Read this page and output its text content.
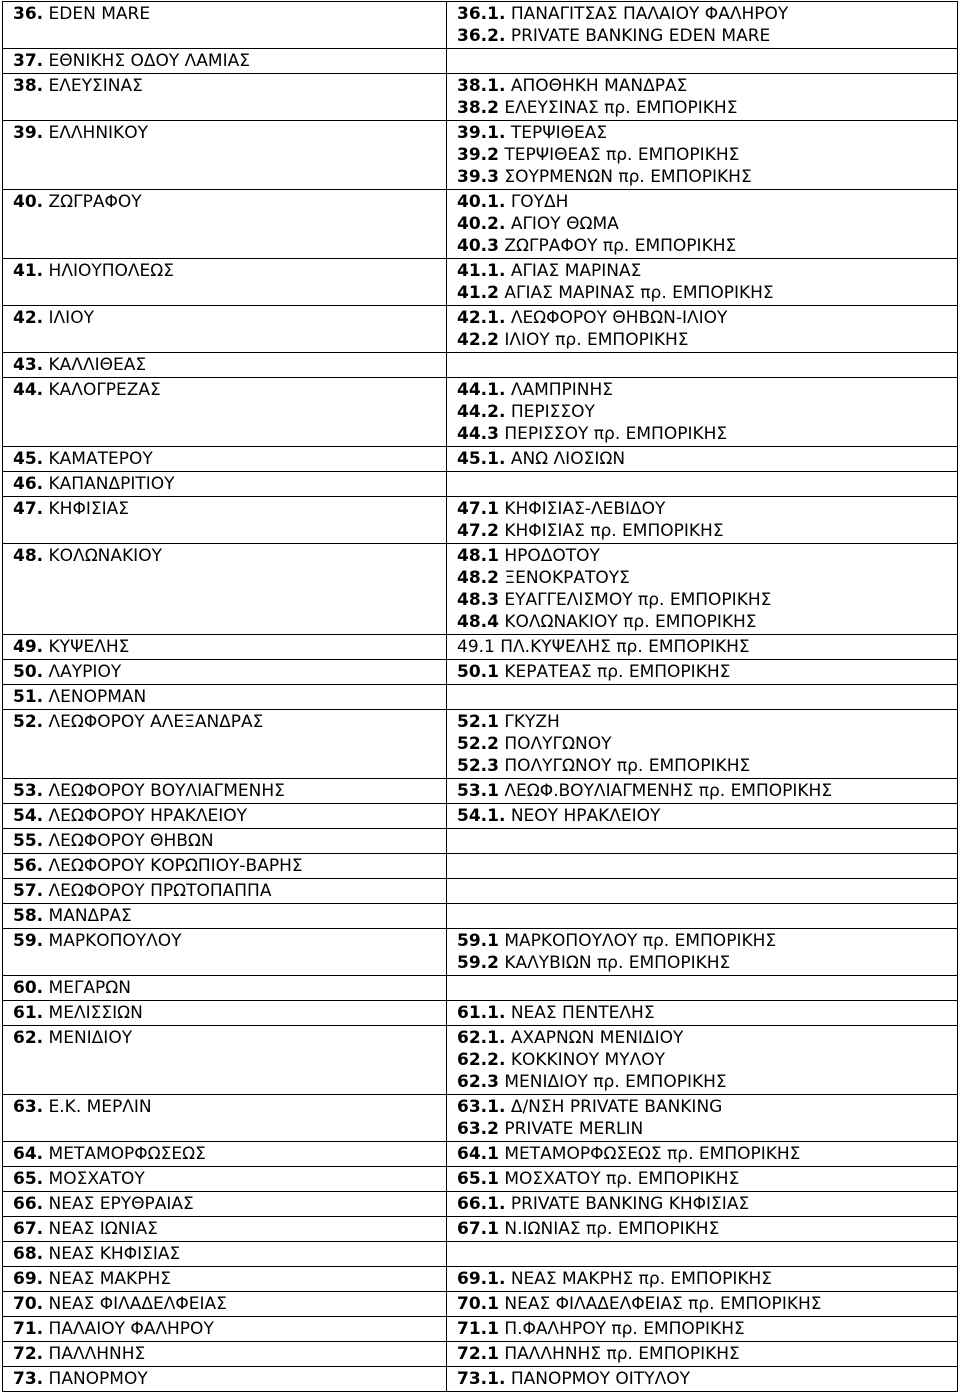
36. EDEN MARE	36.1. ΠΑΝΑΓΙΤΣΑΣ ΠΑΛΑΙΟΥ ΦΑΛΗΡΟΥ
36.2. PRIVATE BANKING EDEN MARE

37. ΕΘΝΙΚΗΣ ΟΔΟΥ ΛΑΜΙΑΣ	
38. ΕΛΕΥΣΙΝΑΣ	38.1. ΑΠΟΘΗΚΗ ΜΑΝΔΡΑΣ
38.2 ΕΛΕΥΣΙΝΑΣ πρ. ΕΜΠΟΡΙΚΗΣ

39. ΕΛΛΗΝΙΚΟΥ	39.1. ΤΕΡΨΙΘΕΑΣ
39.2 ΤΕΡΨΙΘΕΑΣ πρ. ΕΜΠΟΡΙΚΗΣ
39.3 ΣΟΥΡΜΕΝΩΝ πρ. ΕΜΠΟΡΙΚΗΣ

40. ΖΩΓΡΑΦΟΥ	40.1. ΓΟΥΔΗ
40.2. ΑΓΙΟΥ ΘΩΜΑ
40.3 ΖΩΓΡΑΦΟΥ πρ. ΕΜΠΟΡΙΚΗΣ

41. ΗΛΙΟΥΠΟΛΕΩΣ	41.1. ΑΓΙΑΣ ΜΑΡΙΝΑΣ
41.2 ΑΓΙΑΣ ΜΑΡΙΝΑΣ πρ. ΕΜΠΟΡΙΚΗΣ

42. ΙΛΙΟΥ	42.1. ΛΕΩΦΟΡΟΥ ΘΗΒΩΝ-ΙΛΙΟΥ
42.2 ΙΛΙΟΥ πρ. ΕΜΠΟΡΙΚΗΣ

43. ΚΑΛΛΙΘΕΑΣ	
44. ΚΑΛΟΓΡΕΖΑΣ	44.1. ΛΑΜΠΡΙΝΗΣ
44.2. ΠΕΡΙΣΣΟΥ
44.3 ΠΕΡΙΣΣΟΥ πρ. ΕΜΠΟΡΙΚΗΣ

45. ΚΑΜΑΤΕΡΟΥ	45.1. ΑΝΩ ΛΙΟΣΙΩΝ

46. ΚΑΠΑΝΔΡΙΤΙΟΥ	
47. ΚΗΦΙΣΙΑΣ	47.1 ΚΗΦΙΣΙΑΣ-ΛΕΒΙΔΟΥ
47.2 ΚΗΦΙΣΙΑΣ πρ. ΕΜΠΟΡΙΚΗΣ

48. ΚΟΛΩΝΑΚΙΟΥ	48.1 ΗΡΟΔΟΤΟΥ
48.2 ΞΕΝΟΚΡΑΤΟΥΣ
48.3 ΕΥΑΓΓΕΛΙΣΜΟΥ πρ. ΕΜΠΟΡΙΚΗΣ
48.4 ΚΟΛΩΝΑΚΙΟΥ πρ. ΕΜΠΟΡΙΚΗΣ

49. ΚΥΨΕΛΗΣ	49.1 ΠΛ.ΚΥΨΕΛΗΣ πρ. ΕΜΠΟΡΙΚΗΣ

50. ΛΑΥΡΙΟΥ	50.1 ΚΕΡΑΤΕΑΣ πρ. ΕΜΠΟΡΙΚΗΣ

51. ΛΕΝΟΡΜΑΝ	
52. ΛΕΩΦΟΡΟΥ ΑΛΕΞΑΝΔΡΑΣ	52.1 ΓΚΥΖΗ
52.2 ΠΟΛΥΓΩΝΟΥ
52.3 ΠΟΛΥΓΩΝΟΥ πρ. ΕΜΠΟΡΙΚΗΣ

53. ΛΕΩΦΟΡΟΥ ΒΟΥΛΙΑΓΜΕΝΗΣ	53.1 ΛΕΩΦ.ΒΟΥΛΙΑΓΜΕΝΗΣ πρ. ΕΜΠΟΡΙΚΗΣ

54. ΛΕΩΦΟΡΟΥ ΗΡΑΚΛΕΙΟΥ	54.1. ΝΕΟΥ ΗΡΑΚΛΕΙΟΥ

55. ΛΕΩΦΟΡΟΥ ΘΗΒΩΝ	
56. ΛΕΩΦΟΡΟΥ ΚΟΡΩΠΙΟΥ-ΒΑΡΗΣ	
57. ΛΕΩΦΟΡΟΥ ΠΡΩΤΟΠΑΠΠΑ	
58. ΜΑΝΔΡΑΣ	
59. ΜΑΡΚΟΠΟΥΛΟΥ	59.1 ΜΑΡΚΟΠΟΥΛΟΥ πρ. ΕΜΠΟΡΙΚΗΣ
59.2 ΚΑΛΥΒΙΩΝ πρ. ΕΜΠΟΡΙΚΗΣ

60. ΜΕΓΑΡΩΝ	
61. ΜΕΛΙΣΣΙΩΝ	61.1. ΝΕΑΣ ΠΕΝΤΕΛΗΣ

62. ΜΕΝΙΔΙΟΥ	62.1. ΑΧΑΡΝΩΝ ΜΕΝΙΔΙΟΥ
62.2. ΚΟΚΚΙΝΟΥ ΜΥΛΟΥ
62.3 ΜΕΝΙΔΙΟΥ πρ. ΕΜΠΟΡΙΚΗΣ

63. Ε.Κ. ΜΕΡΛΙΝ	63.1. Δ/ΝΣΗ PRIVATE BANKING
63.2 PRIVATE MERLIN

64. ΜΕΤΑΜΟΡΦΩΣΕΩΣ	64.1 ΜΕΤΑΜΟΡΦΩΣΕΩΣ πρ. ΕΜΠΟΡΙΚΗΣ

65. ΜΟΣΧΑΤΟΥ	65.1 ΜΟΣΧΑΤΟΥ πρ. ΕΜΠΟΡΙΚΗΣ

66. ΝΕΑΣ ΕΡΥΘΡΑΙΑΣ	66.1. PRIVATE BANKING ΚΗΦΙΣΙΑΣ

67. ΝΕΑΣ ΙΩΝΙΑΣ	67.1 Ν.ΙΩΝΙΑΣ πρ. ΕΜΠΟΡΙΚΗΣ

68. ΝΕΑΣ ΚΗΦΙΣΙΑΣ	
69. ΝΕΑΣ ΜΑΚΡΗΣ	69.1. ΝΕΑΣ ΜΑΚΡΗΣ πρ. ΕΜΠΟΡΙΚΗΣ

70. ΝΕΑΣ ΦΙΛΑΔΕΛΦΕΙΑΣ	70.1 ΝΕΑΣ ΦΙΛΑΔΕΛΦΕΙΑΣ πρ. ΕΜΠΟΡΙΚΗΣ

71. ΠΑΛΑΙΟΥ ΦΑΛΗΡΟΥ	71.1 Π.ΦΑΛΗΡΟΥ πρ. ΕΜΠΟΡΙΚΗΣ

72. ΠΑΛΛΗΝΗΣ	72.1 ΠΑΛΛΗΝΗΣ πρ. ΕΜΠΟΡΙΚΗΣ

73. ΠΑΝΟΡΜΟΥ	73.1. ΠΑΝΟΡΜΟΥ ΟΙΤΥΛΟΥ
